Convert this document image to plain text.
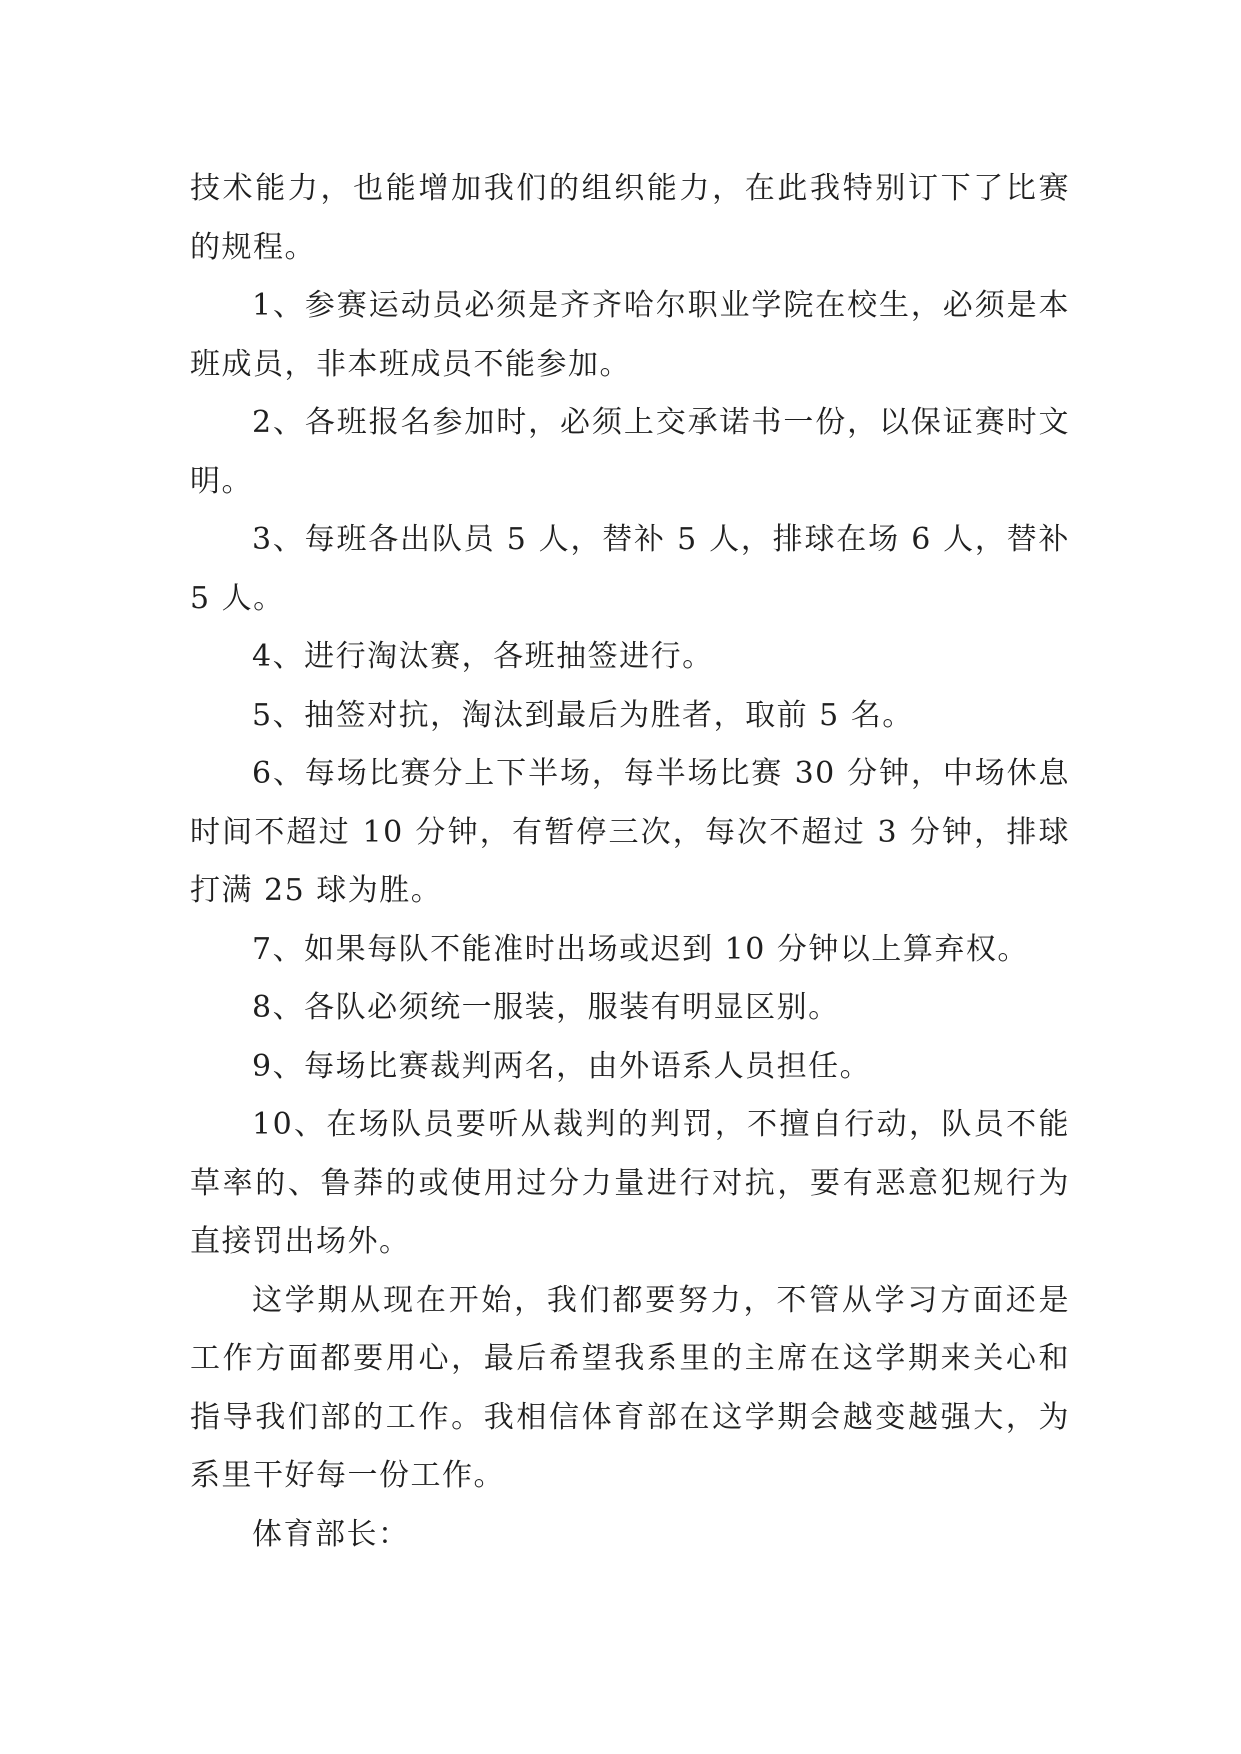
技术能力，也能增加我们的组织能力，在此我特别订下了比赛的规程。

1、参赛运动员必须是齐齐哈尔职业学院在校生，必须是本班成员，非本班成员不能参加。

2、各班报名参加时，必须上交承诺书一份，以保证赛时文明。

3、每班各出队员 5 人，替补 5 人，排球在场 6 人，替补 5 人。

4、进行淘汰赛，各班抽签进行。

5、抽签对抗，淘汰到最后为胜者，取前 5 名。

6、每场比赛分上下半场，每半场比赛 30 分钟，中场休息时间不超过 10 分钟，有暂停三次，每次不超过 3 分钟，排球打满 25 球为胜。

7、如果每队不能准时出场或迟到 10 分钟以上算弃权。

8、各队必须统一服装，服装有明显区别。

9、每场比赛裁判两名，由外语系人员担任。

10、在场队员要听从裁判的判罚，不擅自行动，队员不能草率的、鲁莽的或使用过分力量进行对抗，要有恶意犯规行为直接罚出场外。

这学期从现在开始，我们都要努力，不管从学习方面还是工作方面都要用心，最后希望我系里的主席在这学期来关心和指导我们部的工作。我相信体育部在这学期会越变越强大，为系里干好每一份工作。

体育部长：
